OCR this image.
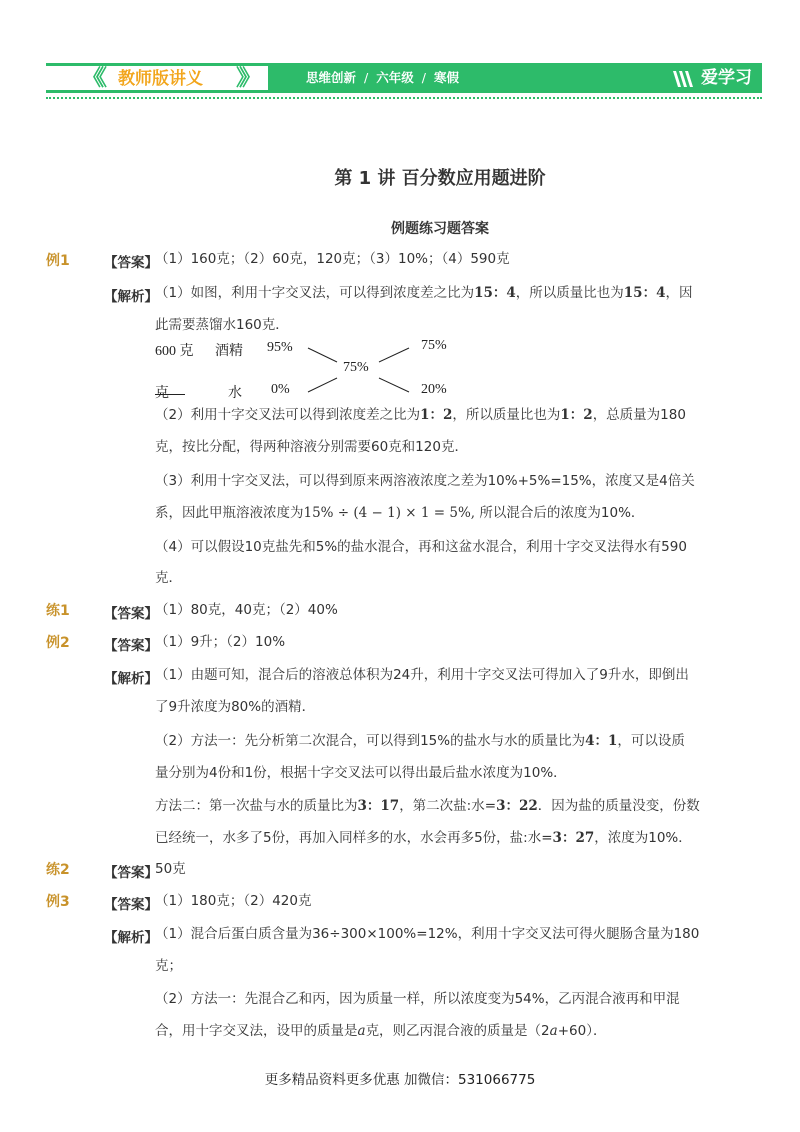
《《 教师版讲义 》》	思维创新 / 六年级 / 寒假	爱学习
第 1 讲 百分数应用题进阶
例题练习题答案
例1	【答案】
（1）160克；（2）60克，120克；（3）10%；（4）590克
【解析】
（1）如图，利用十字交叉法，可以得到浓度差之比为15：4，所以质量比也为15：4，因
此需要蒸馏水160克．
600 克 酒精 95%
75%
75%
克	水 0%	20%
（2）利用十字交叉法可以得到浓度差之比为1：2，所以质量比也为1：2，总质量为180
克，按比分配，得两种溶液分别需要60克和120克．
（3）利用十字交叉法，可以得到原来两溶液浓度之差为10%+5%=15%，浓度又是4倍关
系，因此甲瓶溶液浓度为15% ÷ (4 − 1) × 1 = 5%, 所以混合后的浓度为10%．
（4）可以假设10克盐先和5%的盐水混合，再和这盆水混合，利用十字交叉法得水有590
克．
练1	【答案】
（1）80克，40克；（2）40%
例2	【答案】
（1）9升；（2）10%
【解析】
（1）由题可知，混合后的溶液总体积为24升，利用十字交叉法可得加入了9升水，即倒出
了9升浓度为80%的酒精．
（2）方法一：先分析第二次混合，可以得到15%的盐水与水的质量比为4：1，可以设质
量分别为4份和1份，根据十字交叉法可以得出最后盐水浓度为10%．
方法二：第一次盐与水的质量比为3：17，第二次盐:水=3：22．因为盐的质量没变，份数
已经统一，水多了5份，再加入同样多的水，水会再多5份，盐:水=3：27，浓度为10%．
练2	【答案】
50克
例3	【答案】
（1）180克；（2）420克
【解析】
（1）混合后蛋白质含量为36÷300×100%=12%，利用十字交叉法可得火腿肠含量为180
克；
（2）方法一：先混合乙和丙，因为质量一样，所以浓度变为54%，乙丙混合液再和甲混
合，用十字交叉法，设甲的质量是a克，则乙丙混合液的质量是（2a+60）．
更多精品资料更多优惠 加微信：531066775
